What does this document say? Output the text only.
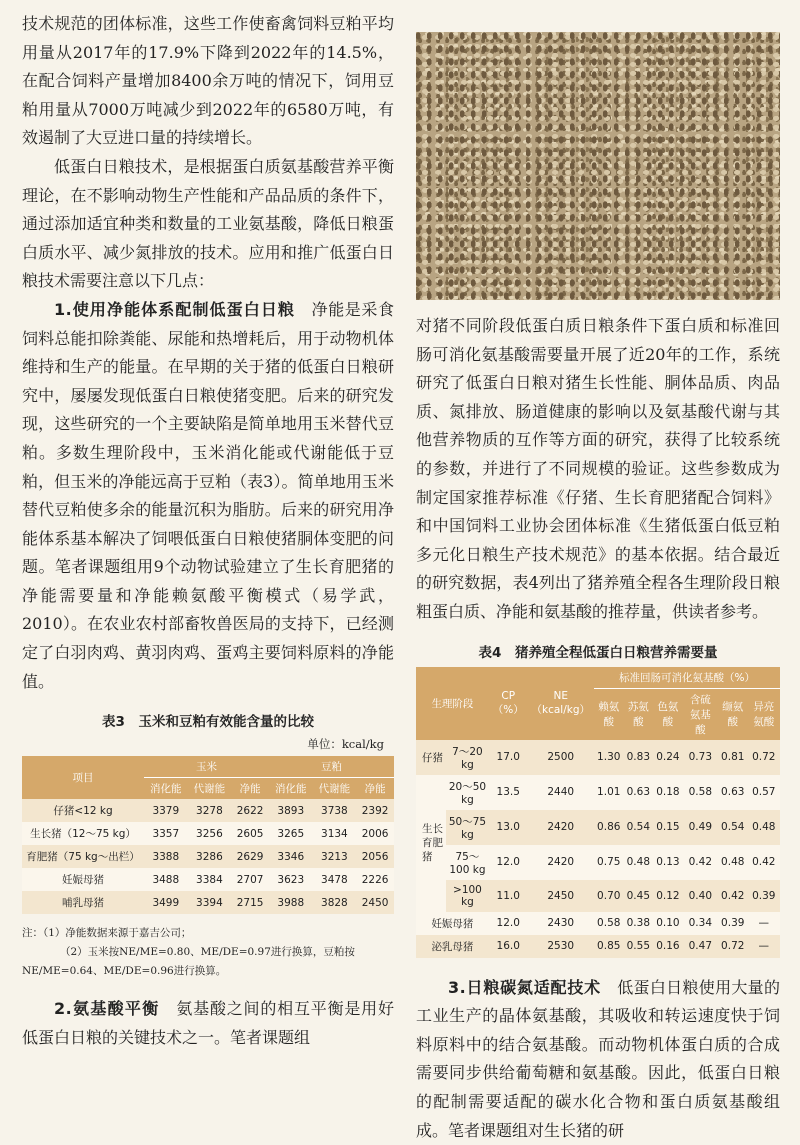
技术规范的团体标准，这些工作使畜禽饲料豆粕平均用量从2017年的17.9%下降到2022年的14.5%，在配合饲料产量增加8400余万吨的情况下，饲用豆粕用量从7000万吨减少到2022年的6580万吨，有效遏制了大豆进口量的持续增长。

低蛋白日粮技术，是根据蛋白质氨基酸营养平衡理论，在不影响动物生产性能和产品品质的条件下，通过添加适宜种类和数量的工业氨基酸，降低日粮蛋白质水平、减少氮排放的技术。应用和推广低蛋白日粮技术需要注意以下几点：

1.使用净能体系配制低蛋白日粮　 净能是采食饲料总能扣除粪能、尿能和热增耗后，用于动物机体维持和生产的能量。在早期的关于猪的低蛋白日粮研究中，屡屡发现低蛋白日粮使猪变肥。后来的研究发现，这些研究的一个主要缺陷是简单地用玉米替代豆粕。多数生理阶段中，玉米消化能或代谢能低于豆粕，但玉米的净能远高于豆粕（表3）。简单地用玉米替代豆粕使多余的能量沉积为脂肪。后来的研究用净能体系基本解决了饲喂低蛋白日粮使猪胴体变肥的问题。笔者课题组用9个动物试验建立了生长育肥猪的净能需要量和净能赖氨酸平衡模式（易学武，2010）。在农业农村部畜牧兽医局的支持下，已经测定了白羽肉鸡、黄羽肉鸡、蛋鸡主要饲料原料的净能值。

表3　玉米和豆粕有效能含量的比较
单位：kcal/kg
项目	玉米			豆粕		
	消化能	代谢能	净能	消化能	代谢能	净能
仔猪<12 kg	3379	3278	2622	3893	3738	2392
生长猪（12～75 kg）	3357	3256	2605	3265	3134	2006
育肥猪（75 kg～出栏）	3388	3286	2629	3346	3213	2056
妊娠母猪	3488	3384	2707	3623	3478	2226
哺乳母猪	3499	3394	2715	3988	3828	2450
注：（1）净能数据来源于嘉吉公司；
（2）玉米按NE/ME=0.80、ME/DE=0.97进行换算，豆粕按
NE/ME=0.64、ME/DE=0.96进行换算。

2.氨基酸平衡　 氨基酸之间的相互平衡是用好低蛋白日粮的关键技术之一。笔者课题组

对猪不同阶段低蛋白质日粮条件下蛋白质和标准回肠可消化氨基酸需要量开展了近20年的工作，系统研究了低蛋白日粮对猪生长性能、胴体品质、肉品质、氮排放、肠道健康的影响以及氨基酸代谢与其他营养物质的互作等方面的研究，获得了比较系统的参数，并进行了不同规模的验证。这些参数成为制定国家推荐标准《仔猪、生长育肥猪配合饲料》和中国饲料工业协会团体标准《生猪低蛋白低豆粕多元化日粮生产技术规范》的基本依据。结合最近的研究数据，表4列出了猪养殖全程各生理阶段日粮粗蛋白质、净能和氨基酸的推荐量，供读者参考。

表4　猪养殖全程低蛋白日粮营养需要量
生理阶段		CP（%）	NE（kcal/kg）	标准回肠可消化氨基酸（%）					
				赖氨酸	苏氨酸	色氨酸	含硫氨基酸	缬氨酸	异亮氨酸
仔猪	7～20 kg	17.0	2500	1.30	0.83	0.24	0.73	0.81	0.72
生长育肥猪	20～50 kg	13.5	2440	1.01	0.63	0.18	0.58	0.63	0.57
	50～75 kg	13.0	2420	0.86	0.54	0.15	0.49	0.54	0.48
	75～100 kg	12.0	2420	0.75	0.48	0.13	0.42	0.48	0.42
	>100 kg	11.0	2450	0.70	0.45	0.12	0.40	0.42	0.39
妊娠母猪		12.0	2430	0.58	0.38	0.10	0.34	0.39	—
泌乳母猪		16.0	2530	0.85	0.55	0.16	0.47	0.72	—

3.日粮碳氮适配技术　 低蛋白日粮使用大量的工业生产的晶体氨基酸，其吸收和转运速度快于饲料原料中的结合氨基酸。而动物机体蛋白质的合成需要同步供给葡萄糖和氨基酸。因此，低蛋白日粮的配制需要适配的碳水化合物和蛋白质氨基酸组成。笔者课题组对生长猪的研
